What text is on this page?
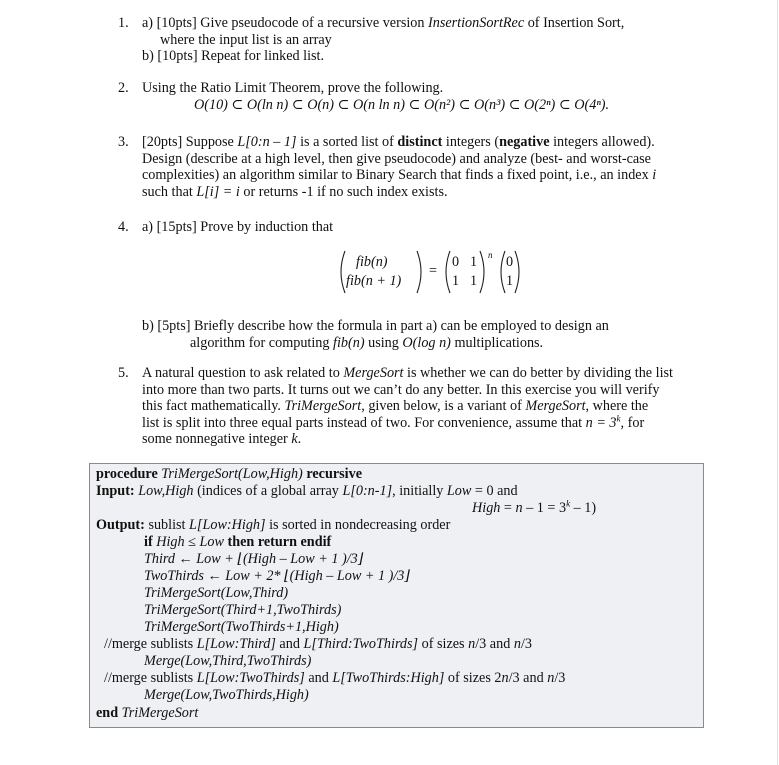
1. a) [10pts] Give pseudocode of a recursive version InsertionSortRec of Insertion Sort,
where the input list is an array
b) [10pts] Repeat for linked list.
2. Using the Ratio Limit Theorem, prove the following.
O(10) ⊂ O(ln n) ⊂ O(n) ⊂ O(n ln n) ⊂ O(n²) ⊂ O(n³) ⊂ O(2ⁿ) ⊂ O(4ⁿ).
3. [20pts] Suppose L[0:n – 1] is a sorted list of distinct integers (negative integers allowed).
Design (describe at a high level, then give pseudocode) and analyze (best- and worst-case
complexities) an algorithm similar to Binary Search that finds a fixed point, i.e., an index i
such that L[i] = i or returns -1 if no such index exists.
4. a) [15pts] Prove by induction that
fib(n)
fib(n + 1)
=
0 1
1 1
n 0
1
b) [5pts] Briefly describe how the formula in part a) can be employed to design an
algorithm for computing fib(n) using O(log n) multiplications.
5. A natural question to ask related to MergeSort is whether we can do better by dividing the list
into more than two parts. It turns out we can’t do any better. In this exercise you will verify
this fact mathematically. TriMergeSort, given below, is a variant of MergeSort, where the
list is split into three equal parts instead of two. For convenience, assume that $n = 3^k$, for
some nonnegative integer k.
procedure TriMergeSort(Low,High) recursive
Input: Low,High (indices of a global array L[0:n-1], initially Low = 0 and
High = $n - 1 = 3^k - 1$)
Output: sublist L[Low:High] is sorted in nondecreasing order
if High ≤ Low then return endif
Third ← Low + ⌊(High – Low + 1 )/3⌋
TwoThirds ← Low + 2* ⌊(High – Low + 1 )/3⌋
TriMergeSort(Low,Third)
TriMergeSort(Third+1,TwoThirds)
TriMergeSort(TwoThirds+1,High)
//merge sublists L[Low:Third] and L[Third:TwoThirds] of sizes n/3 and n/3
Merge(Low,Third,TwoThirds)
//merge sublists L[Low:TwoThirds] and L[TwoThirds:High] of sizes 2n/3 and n/3
Merge(Low,TwoThirds,High)
end TriMergeSort
